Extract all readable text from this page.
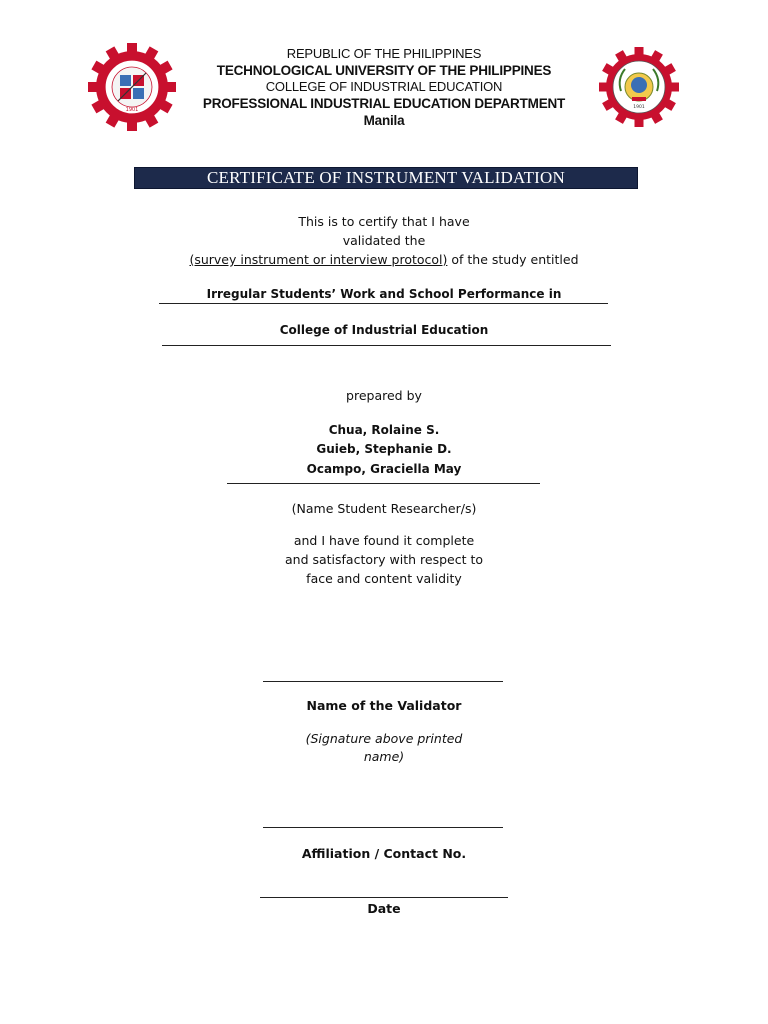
1901	1901
REPUBLIC OF THE PHILIPPINES
TECHNOLOGICAL UNIVERSITY OF THE PHILIPPINES
COLLEGE OF INDUSTRIAL EDUCATION
PROFESSIONAL INDUSTRIAL EDUCATION DEPARTMENT
Manila
CERTIFICATE OF INSTRUMENT VALIDATION
This is to certify that I have
validated the
(survey instrument or interview protocol) of the study entitled
Irregular Students’ Work and School Performance in
College of Industrial Education
prepared by
Chua, Rolaine S.
Guieb, Stephanie D.
Ocampo, Graciella May
(Name Student Researcher/s)
and I have found it complete
and satisfactory with respect to
face and content validity
Name of the Validator
(Signature above printed
name)
Affiliation / Contact No.
Date
